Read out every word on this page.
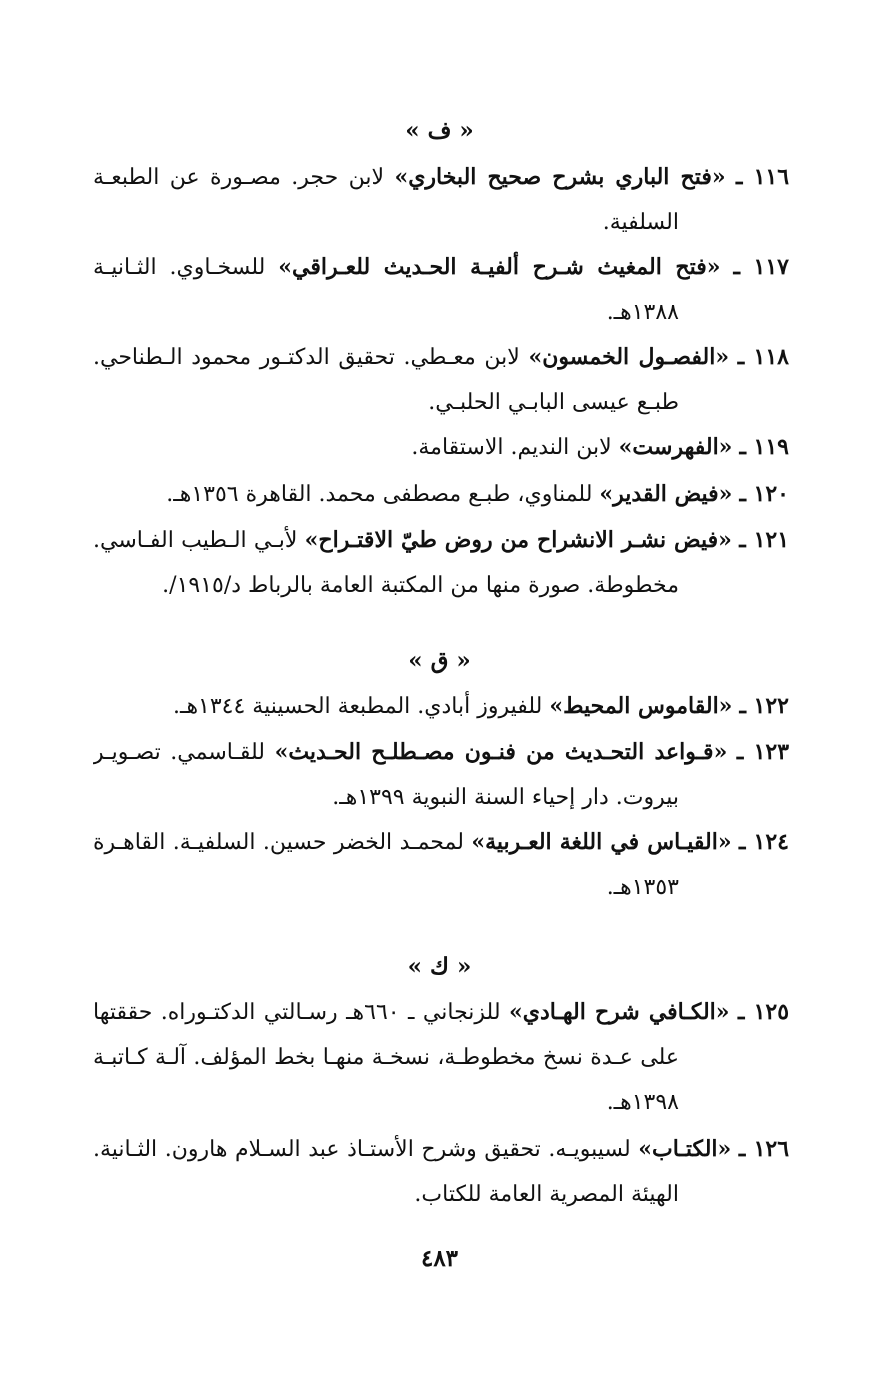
« ف »
١١٦ ـ «فتح الباري بشرح صحيح البخاري» لابن حجر. مصـورة عن الطبعـة
السلفية.
١١٧ ـ «فتح المغيث شـرح ألفيـة الحـديث للعـراقي» للسخـاوي. الثـانيـة
١٣٨٨هـ.
١١٨ ـ «الفصـول الخمسون» لابن معـطي. تحقيق الدكتـور محمود الـطناحي.
طبـع عيسى البابـي الحلبـي.
١١٩ ـ «الفهرست» لابن النديم. الاستقامة.
١٢٠ ـ «فيض القدير» للمناوي، طبـع مصطفى محمد. القاهرة ١٣٥٦هـ.
١٢١ ـ «فيض نشـر الانشراح من روض طيّ الاقتـراح» لأبـي الـطيب الفـاسي.
مخطوطة. صورة منها من المكتبة العامة بالرباط د/١٩١٥/.
« ق »
١٢٢ ـ «القاموس المحيط» للفيروز أبادي. المطبعة الحسينية ١٣٤٤هـ.
١٢٣ ـ «قـواعد التحـديث من فنـون مصـطلـح الحـديث» للقـاسمي. تصـويـر
بيروت. دار إحياء السنة النبوية ١٣٩٩هـ.
١٢٤ ـ «القيـاس في اللغة العـربية» لمحمـد الخضر حسين. السلفيـة. القاهـرة
١٣٥٣هـ.
« ك »
١٢٥ ـ «الكـافي شرح الهـادي» للزنجاني ـ ٦٦٠هـ رسـالتي الدكتـوراه. حققتها
على عـدة نسخ مخطوطـة، نسخـة منهـا بخط المؤلف. آلـة كـاتبـة
١٣٩٨هـ.
١٢٦ ـ «الكتـاب» لسيبويـه. تحقيق وشرح الأستـاذ عبد السـلام هارون. الثـانية.
الهيئة المصرية العامة للكتاب.
٤٨٣
